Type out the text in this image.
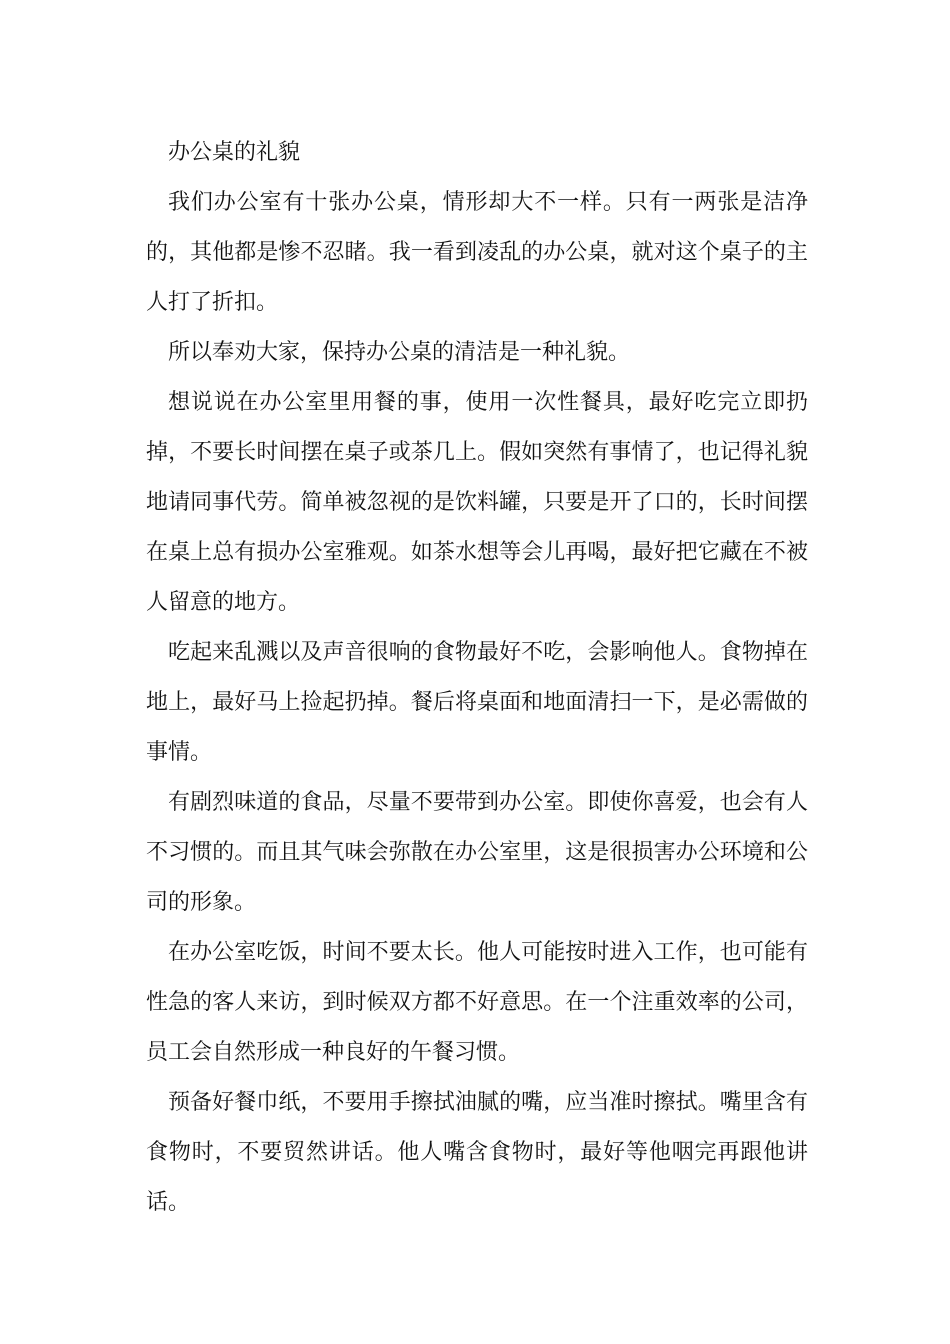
办公桌的礼貌

我们办公室有十张办公桌，情形却大不一样。只有一两张是洁净的，其他都是惨不忍睹。我一看到凌乱的办公桌，就对这个桌子的主人打了折扣。

所以奉劝大家，保持办公桌的清洁是一种礼貌。

想说说在办公室里用餐的事，使用一次性餐具，最好吃完立即扔掉，不要长时间摆在桌子或茶几上。假如突然有事情了，也记得礼貌地请同事代劳。简单被忽视的是饮料罐，只要是开了口的，长时间摆在桌上总有损办公室雅观。如茶水想等会儿再喝，最好把它藏在不被人留意的地方。

吃起来乱溅以及声音很响的食物最好不吃，会影响他人。食物掉在地上，最好马上捡起扔掉。餐后将桌面和地面清扫一下，是必需做的事情。

有剧烈味道的食品，尽量不要带到办公室。即使你喜爱，也会有人不习惯的。而且其气味会弥散在办公室里，这是很损害办公环境和公司的形象。

在办公室吃饭，时间不要太长。他人可能按时进入工作，也可能有性急的客人来访，到时候双方都不好意思。在一个注重效率的公司，员工会自然形成一种良好的午餐习惯。

预备好餐巾纸，不要用手擦拭油腻的嘴，应当准时擦拭。嘴里含有食物时，不要贸然讲话。他人嘴含食物时，最好等他咽完再跟他讲话。
